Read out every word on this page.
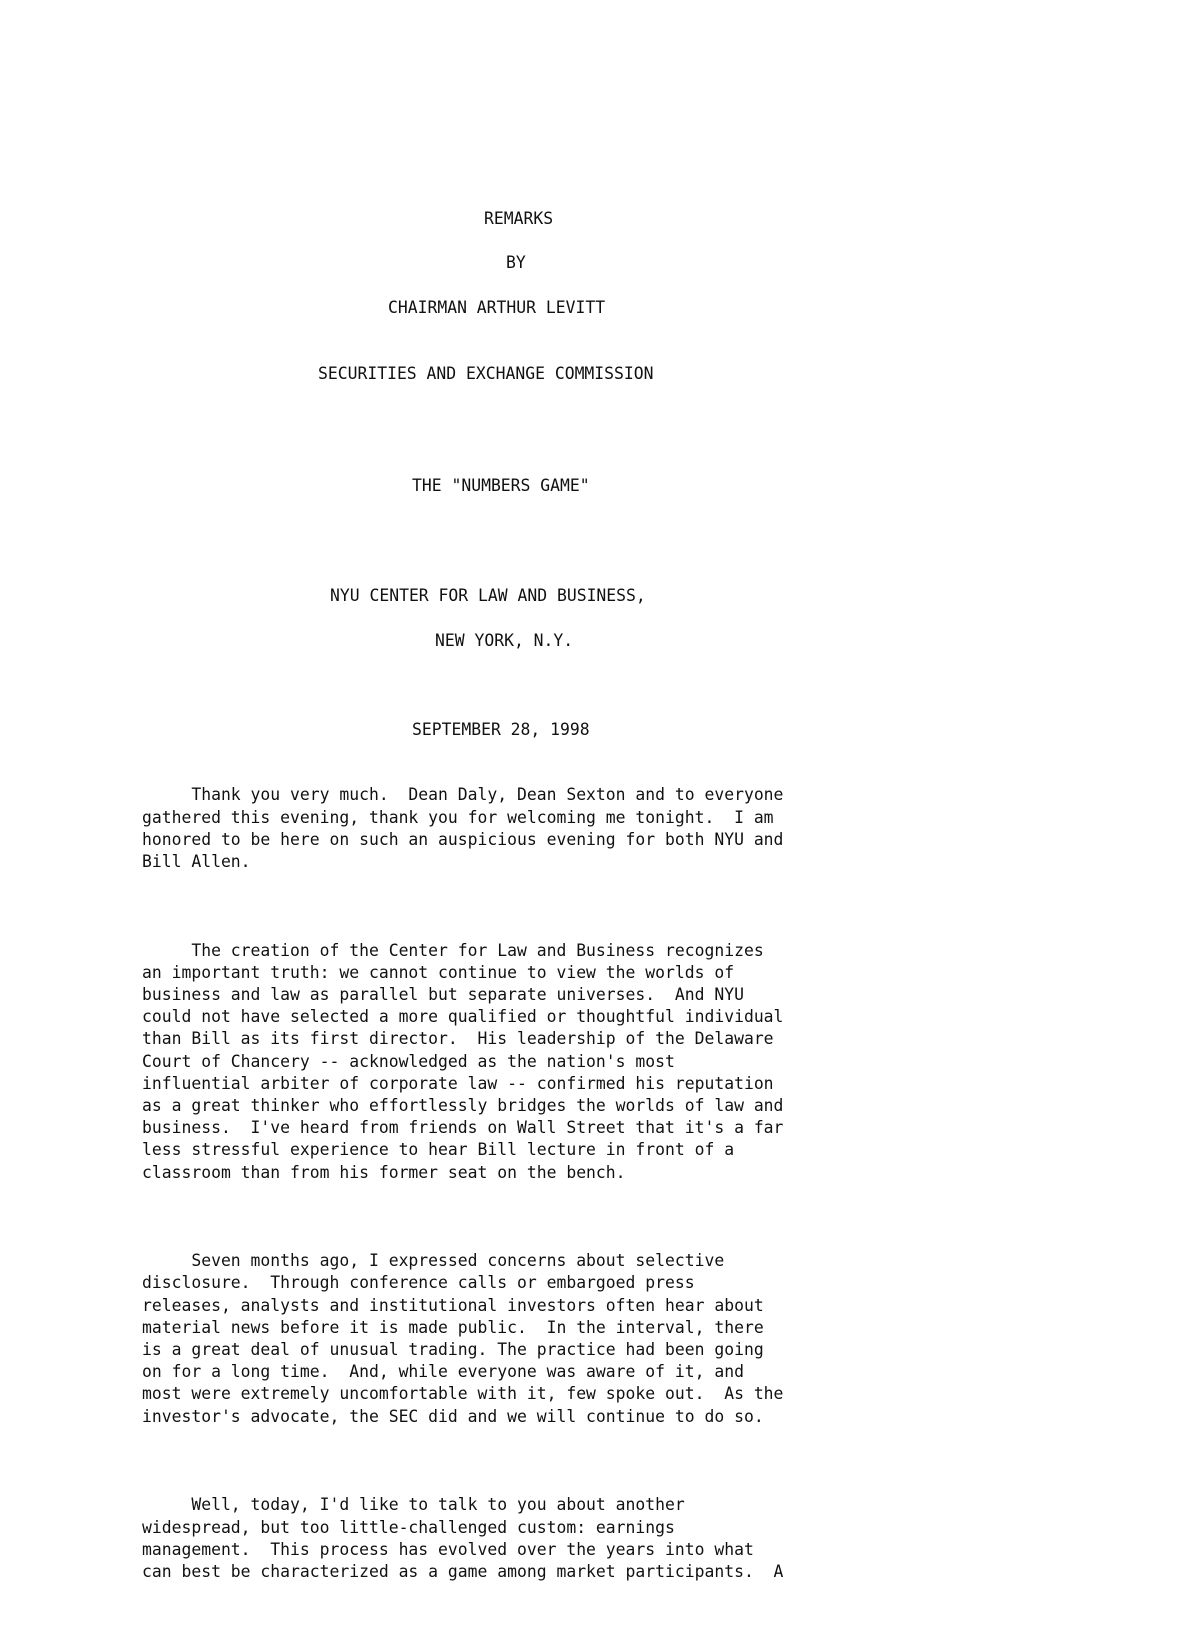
REMARKS
BY
CHAIRMAN ARTHUR LEVITT
SECURITIES AND EXCHANGE COMMISSION
THE "NUMBERS GAME"
NYU CENTER FOR LAW AND BUSINESS,
NEW YORK, N.Y.
SEPTEMBER 28, 1998

Thank you very much.  Dean Daly, Dean Sexton and to everyone
gathered this evening, thank you for welcoming me tonight.  I am
honored to be here on such an auspicious evening for both NYU and
Bill Allen.

The creation of the Center for Law and Business recognizes
an important truth: we cannot continue to view the worlds of
business and law as parallel but separate universes.  And NYU
could not have selected a more qualified or thoughtful individual
than Bill as its first director.  His leadership of the Delaware
Court of Chancery -- acknowledged as the nation's most
influential arbiter of corporate law -- confirmed his reputation
as a great thinker who effortlessly bridges the worlds of law and
business.  I've heard from friends on Wall Street that it's a far
less stressful experience to hear Bill lecture in front of a
classroom than from his former seat on the bench.

Seven months ago, I expressed concerns about selective
disclosure.  Through conference calls or embargoed press
releases, analysts and institutional investors often hear about
material news before it is made public.  In the interval, there
is a great deal of unusual trading. The practice had been going
on for a long time.  And, while everyone was aware of it, and
most were extremely uncomfortable with it, few spoke out.  As the
investor's advocate, the SEC did and we will continue to do so.

Well, today, I'd like to talk to you about another
widespread, but too little-challenged custom: earnings
management.  This process has evolved over the years into what
can best be characterized as a game among market participants.  A
